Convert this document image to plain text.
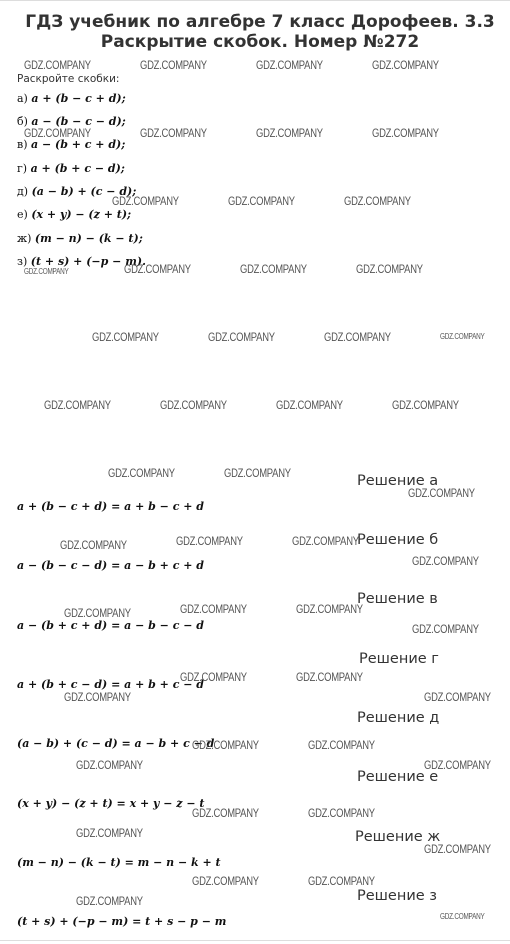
ГДЗ учебник по алгебре 7 класс Дорофеев. 3.3 Раскрытие скобок. Номер №272
Раскройте скобки:
а) a + (b − c + d);
б) a − (b − c − d);
в) a − (b + c + d);
г) a + (b + c − d);
д) (a − b) + (c − d);
е) (x + y) − (z + t);
ж) (m − n) − (k − t);
з) (t + s) + (−p − m).
Решение а
a + (b − c + d) = a + b − c + d
Решение б
a − (b − c − d) = a − b + c + d
Решение в
a − (b + c + d) = a − b − c − d
Решение г
a + (b + c − d) = a + b + c − d
Решение д
(a − b) + (c − d) = a − b + c − d
Решение е
(x + y) − (z + t) = x + y − z − t
Решение ж
(m − n) − (k − t) = m − n − k + t
Решение з
(t + s) + (−p − m) = t + s − p − m
GDZ.COMPANY	GDZ.COMPANY	GDZ.COMPANY	GDZ.COMPANY
GDZ.COMPANY	GDZ.COMPANY	GDZ.COMPANY	GDZ.COMPANY
GDZ.COMPANY	GDZ.COMPANY	GDZ.COMPANY
GDZ.COMPANY	GDZ.COMPANY	GDZ.COMPANY	GDZ.COMPANY
GDZ.COMPANY	GDZ.COMPANY	GDZ.COMPANY	GDZ.COMPANY
GDZ.COMPANY	GDZ.COMPANY	GDZ.COMPANY	GDZ.COMPANY
GDZ.COMPANY	GDZ.COMPANY
GDZ.COMPANY
GDZ.COMPANY	GDZ.COMPANY	GDZ.COMPANY
GDZ.COMPANY
GDZ.COMPANY	GDZ.COMPANY	GDZ.COMPANY
GDZ.COMPANY
GDZ.COMPANY	GDZ.COMPANY
GDZ.COMPANY	GDZ.COMPANY
GDZ.COMPANY	GDZ.COMPANY
GDZ.COMPANY	GDZ.COMPANY
GDZ.COMPANY	GDZ.COMPANY
GDZ.COMPANY
GDZ.COMPANY
GDZ.COMPANY	GDZ.COMPANY
GDZ.COMPANY
GDZ.COMPANY
